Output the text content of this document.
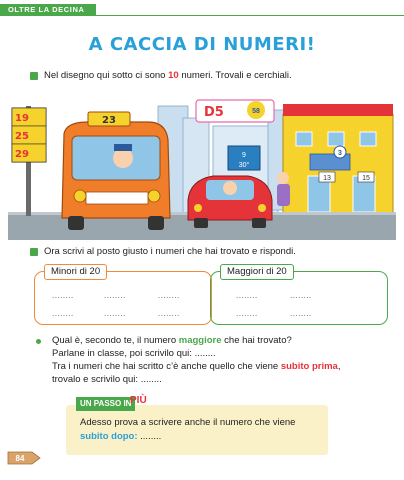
OLTRE LA DECINA
A CACCIA DI NUMERI!
Nel disegno qui sotto ci sono 10 numeri. Trovali e cerchiali.
3
13	15
D5	58
9
30°
19
25
29
23
Ora scrivi al posto giusto i numeri che hai trovato e rispondi.
Minori di 20
........	........	........
........	........	........
Maggiori di 20
........	........
........	........
Qual è, secondo te, il numero maggiore che hai trovato?
Parlane in classe, poi scrivilo qui: ........
Tra i numeri che hai scritto c’è anche quello che viene subito prima,
trovalo e scrivilo qui: ........
UN PASSO IN
PIÙ
Adesso prova a scrivere anche il numero che viene
subito dopo: ........
84
